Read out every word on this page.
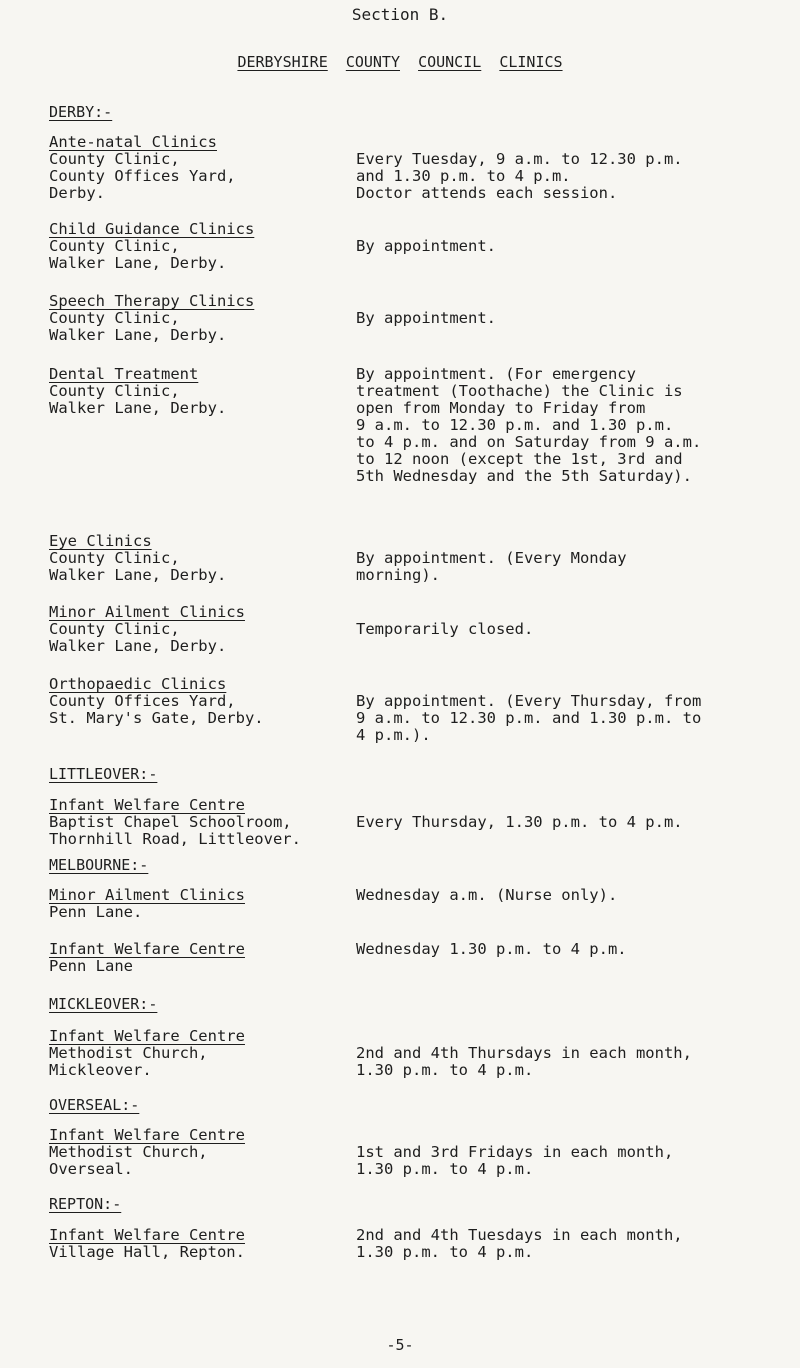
Section B.
DERBYSHIRE COUNTY COUNCIL CLINICS
DERBY:-
Ante-natal Clinics
County Clinic,
County Offices Yard,
Derby.
Every Tuesday, 9 a.m. to 12.30 p.m.
and 1.30 p.m. to 4 p.m.
Doctor attends each session.
Child Guidance Clinics
County Clinic,
Walker Lane, Derby.
By appointment.
Speech Therapy Clinics
County Clinic,
Walker Lane, Derby.
By appointment.
Dental Treatment
County Clinic,
Walker Lane, Derby.
By appointment. (For emergency
treatment (Toothache) the Clinic is
open from Monday to Friday from
9 a.m. to 12.30 p.m. and 1.30 p.m.
to 4 p.m. and on Saturday from 9 a.m.
to 12 noon (except the 1st, 3rd and
5th Wednesday and the 5th Saturday).
Eye Clinics
County Clinic,
Walker Lane, Derby.
By appointment. (Every Monday
morning).
Minor Ailment Clinics
County Clinic,
Walker Lane, Derby.
Temporarily closed.
Orthopaedic Clinics
County Offices Yard,
St. Mary's Gate, Derby.
By appointment. (Every Thursday, from
9 a.m. to 12.30 p.m. and 1.30 p.m. to
4 p.m.).
LITTLEOVER:-
Infant Welfare Centre
Baptist Chapel Schoolroom,
Thornhill Road, Littleover.
Every Thursday, 1.30 p.m. to 4 p.m.
MELBOURNE:-
Minor Ailment Clinics
Penn Lane.
Wednesday a.m. (Nurse only).
Infant Welfare Centre
Penn Lane
Wednesday 1.30 p.m. to 4 p.m.
MICKLEOVER:-
Infant Welfare Centre
Methodist Church,
Mickleover.
2nd and 4th Thursdays in each month,
1.30 p.m. to 4 p.m.
OVERSEAL:-
Infant Welfare Centre
Methodist Church,
Overseal.
1st and 3rd Fridays in each month,
1.30 p.m. to 4 p.m.
REPTON:-
Infant Welfare Centre
Village Hall, Repton.
2nd and 4th Tuesdays in each month,
1.30 p.m. to 4 p.m.
-5-
